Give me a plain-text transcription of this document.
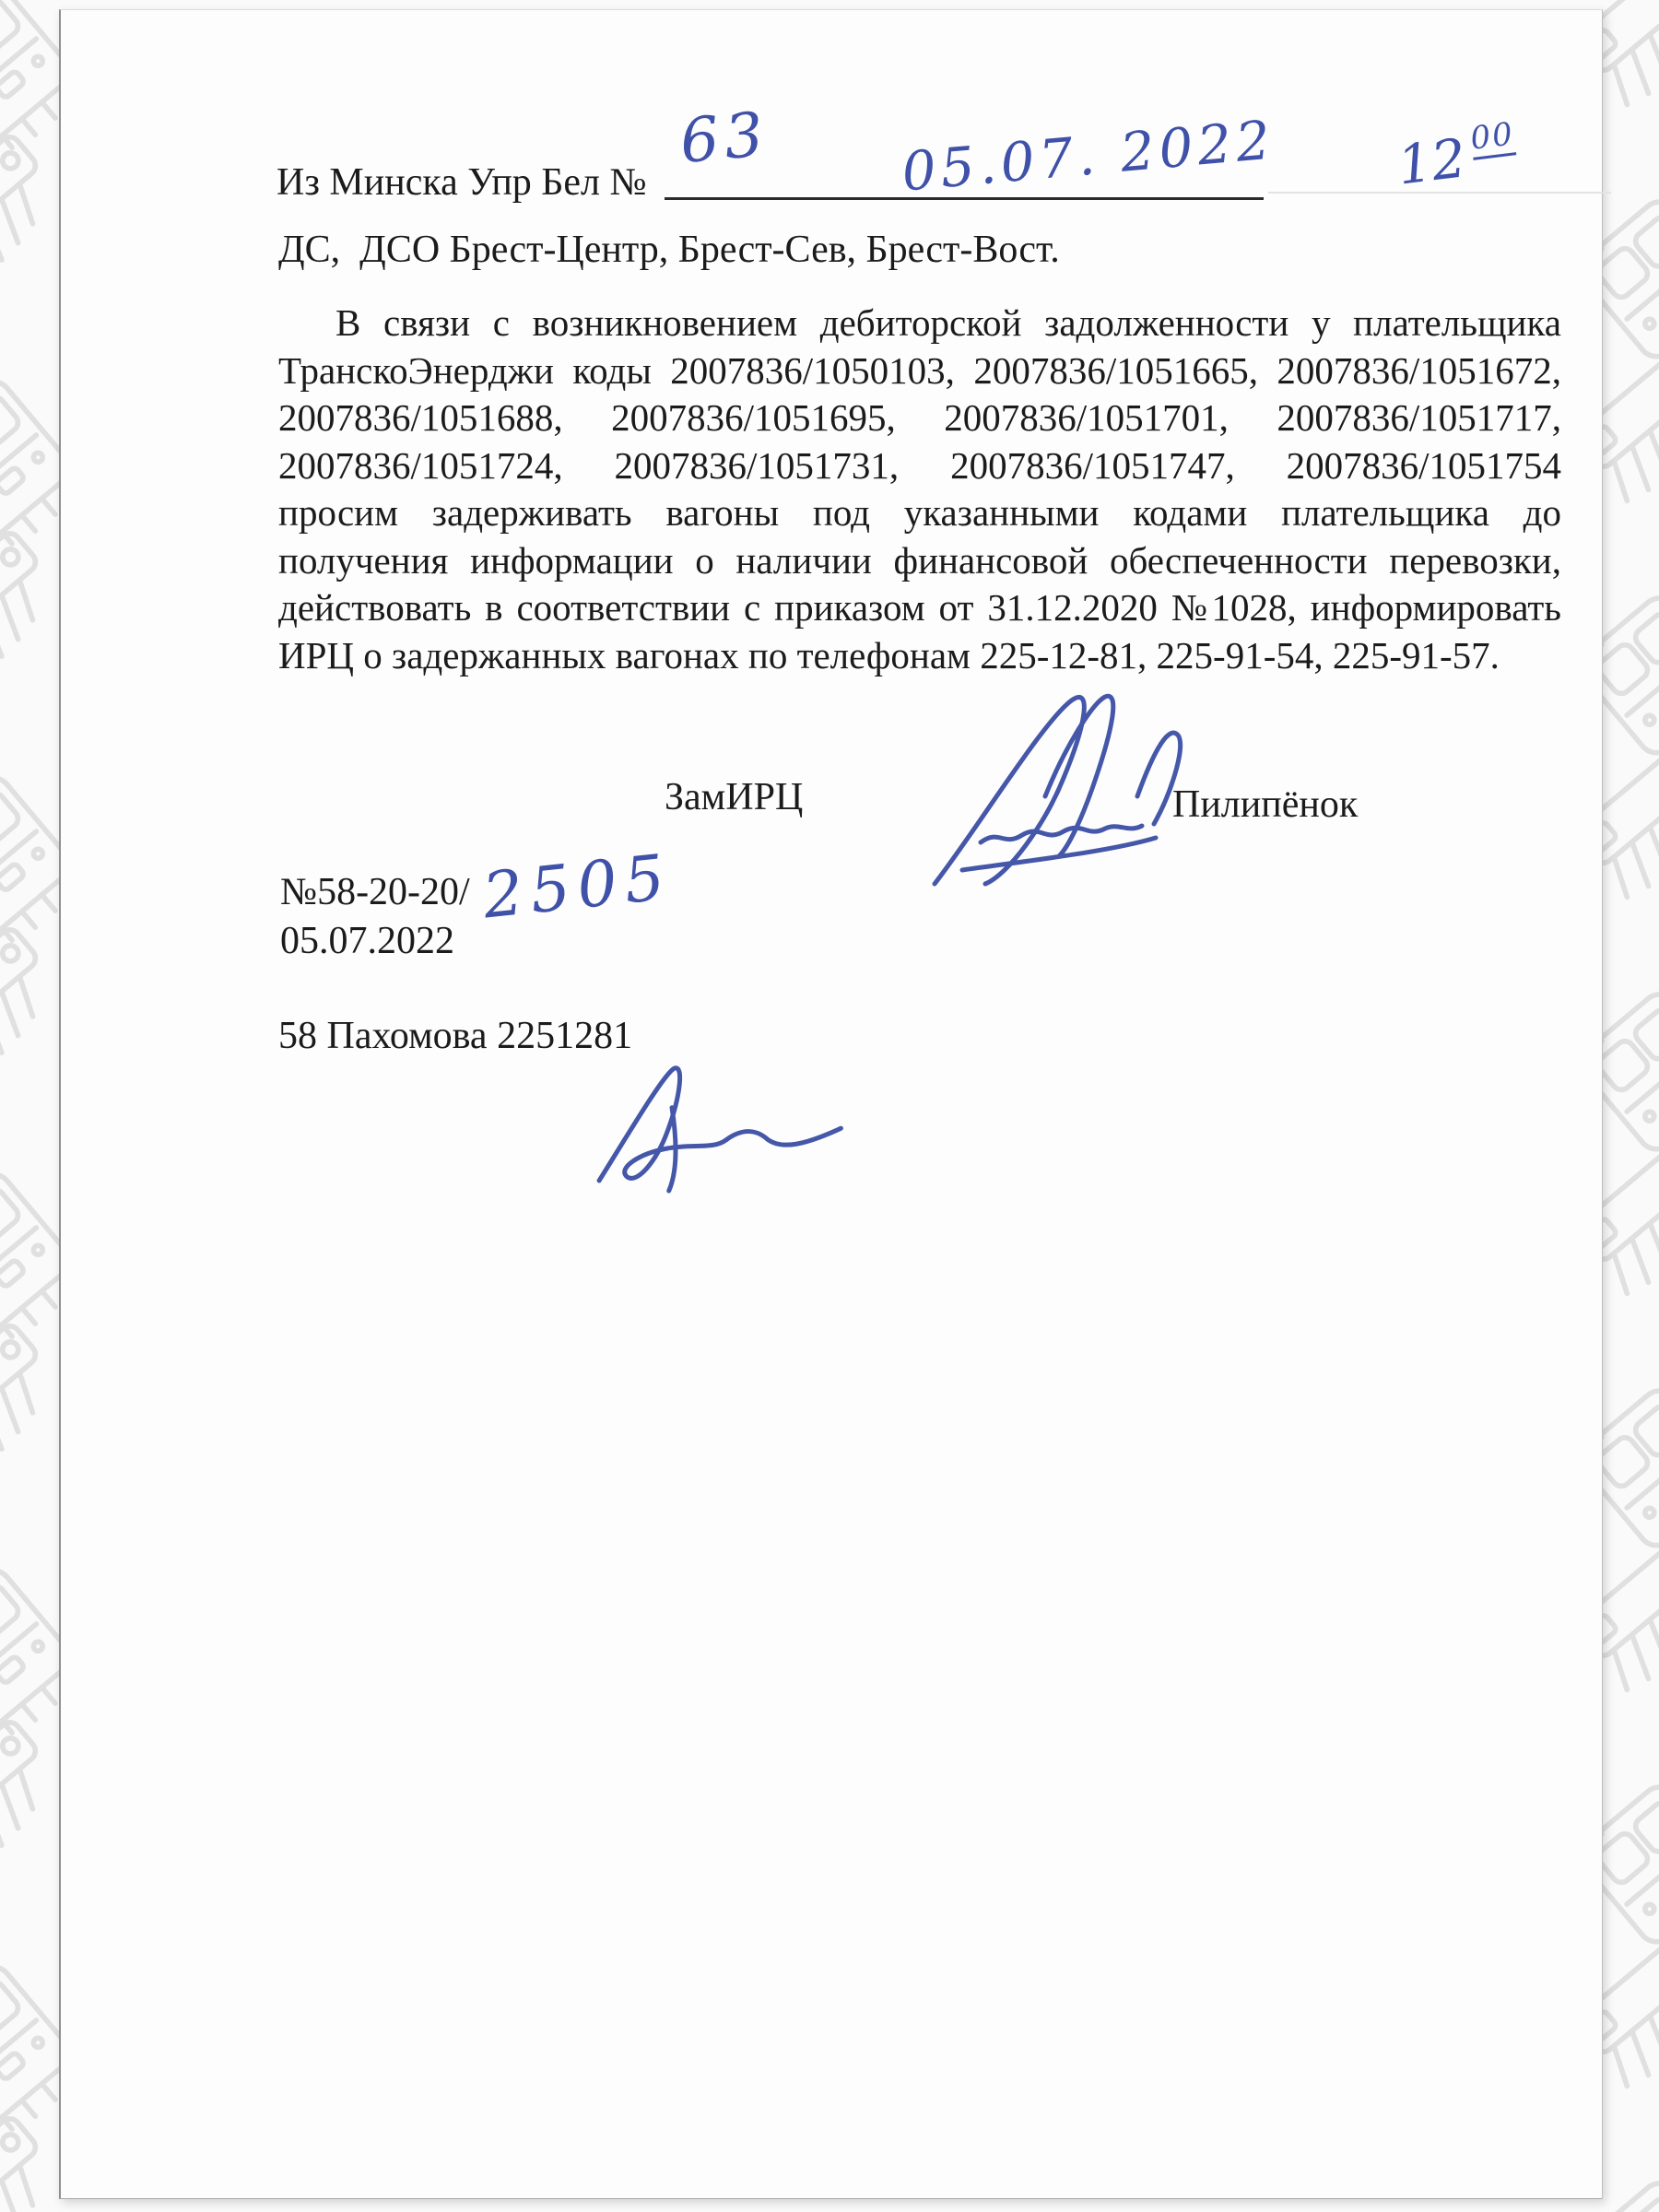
Из Минска Упр Бел №
63 05.07. 2022 $12^{00}$
ДС,  ДСО Брест-Центр, Брест-Сев, Брест-Вост.

В связи с возникновением дебиторской задолженности у плательщика ТранскоЭнерджи коды 2007836/1050103, 2007836/1051665, 2007836/1051672, 2007836/1051688, 2007836/1051695, 2007836/1051701, 2007836/1051717, 2007836/1051724, 2007836/1051731, 2007836/1051747, 2007836/1051754 просим задерживать вагоны под указанными кодами плательщика до получения информации о наличии финансовой обеспеченности перевозки, действовать в соответствии с приказом от 31.12.2020 №1028, информировать ИРЦ о задержанных вагонах по телефонам 225-12-81, 225-91-54, 225-91-57.

ЗамИРЦ	Пилипёнок
№58-20-20/ 2505
05.07.2022
58 Пахомова 2251281
